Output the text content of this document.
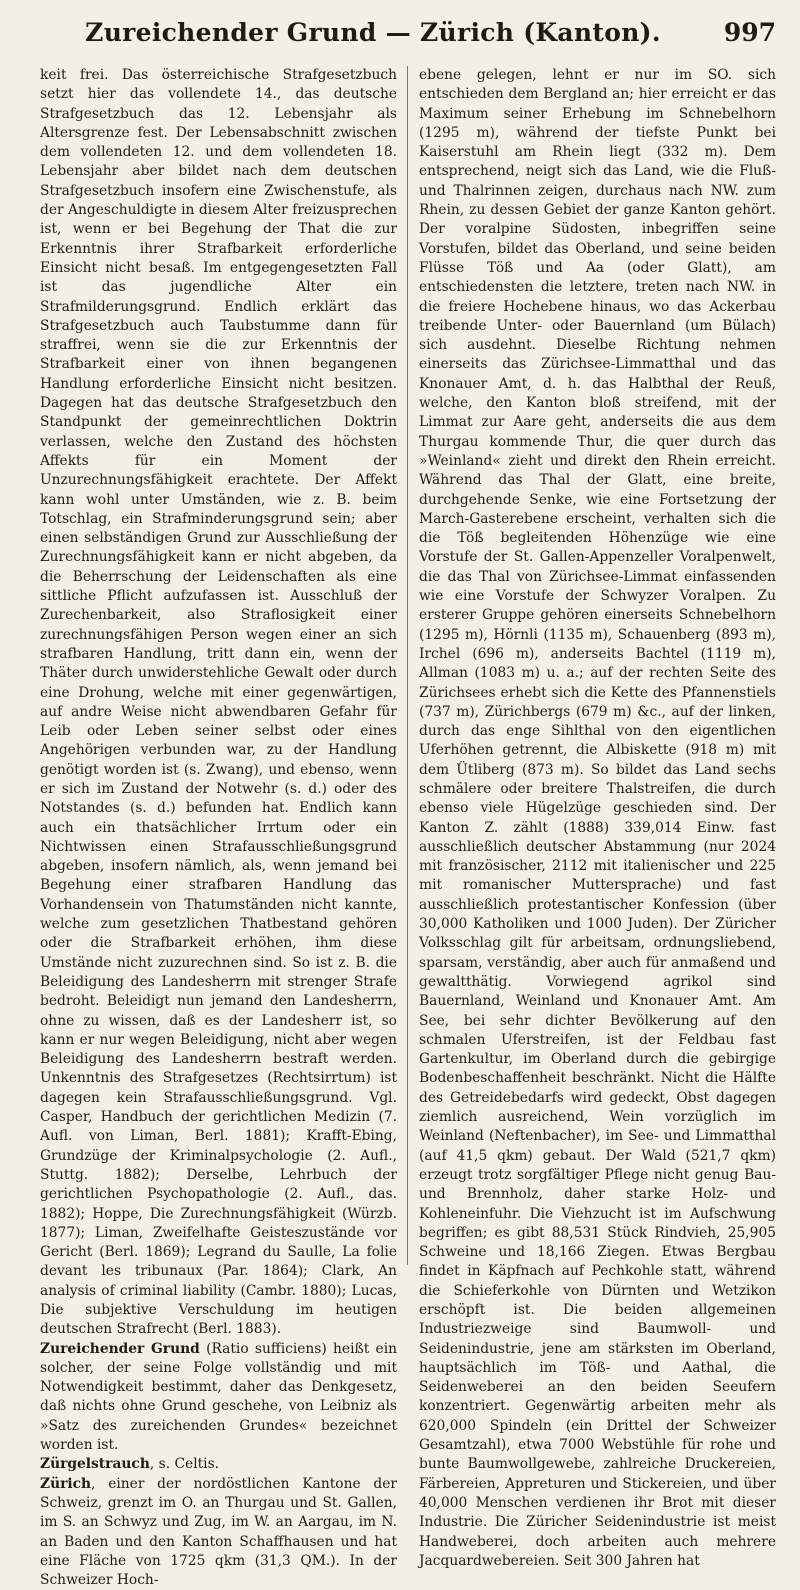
Zureichender Grund — Zürich (Kanton).	997

keit frei. Das österreichische Strafgesetzbuch setzt hier das vollendete 14., das deutsche Strafgesetzbuch das 12. Lebensjahr als Altersgrenze fest. Der Lebensabschnitt zwischen dem vollendeten 12. und dem vollendeten 18. Lebensjahr aber bildet nach dem deutschen Strafgesetzbuch insofern eine Zwischenstufe, als der Angeschuldigte in diesem Alter freizusprechen ist, wenn er bei Begehung der That die zur Erkenntnis ihrer Strafbarkeit erforderliche Einsicht nicht besaß. Im entgegengesetzten Fall ist das jugendliche Alter ein Strafmilderungsgrund. Endlich erklärt das Strafgesetzbuch auch Taubstumme dann für straffrei, wenn sie die zur Erkenntnis der Strafbarkeit einer von ihnen begangenen Handlung erforderliche Einsicht nicht besitzen. Dagegen hat das deutsche Strafgesetzbuch den Standpunkt der gemeinrechtlichen Doktrin verlassen, welche den Zustand des höchsten Affekts für ein Moment der Unzurechnungsfähigkeit erachtete. Der Affekt kann wohl unter Umständen, wie z. B. beim Totschlag, ein Strafminderungsgrund sein; aber einen selbständigen Grund zur Ausschließung der Zurechnungsfähigkeit kann er nicht abgeben, da die Beherrschung der Leidenschaften als eine sittliche Pflicht aufzufassen ist. Ausschluß der Zurechenbarkeit, also Straflosigkeit einer zurechnungsfähigen Person wegen einer an sich strafbaren Handlung, tritt dann ein, wenn der Thäter durch unwiderstehliche Gewalt oder durch eine Drohung, welche mit einer gegenwärtigen, auf andre Weise nicht abwendbaren Gefahr für Leib oder Leben seiner selbst oder eines Angehörigen verbunden war, zu der Handlung genötigt worden ist (s. Zwang), und ebenso, wenn er sich im Zustand der Notwehr (s. d.) oder des Notstandes (s. d.) befunden hat. Endlich kann auch ein thatsächlicher Irrtum oder ein Nichtwissen einen Strafausschließungsgrund abgeben, insofern nämlich, als, wenn jemand bei Begehung einer strafbaren Handlung das Vorhandensein von Thatumständen nicht kannte, welche zum gesetzlichen Thatbestand gehören oder die Strafbarkeit erhöhen, ihm diese Umstände nicht zuzurechnen sind. So ist z. B. die Beleidigung des Landesherrn mit strenger Strafe bedroht. Beleidigt nun jemand den Landesherrn, ohne zu wissen, daß es der Landesherr ist, so kann er nur wegen Beleidigung, nicht aber wegen Beleidigung des Landesherrn bestraft werden. Unkenntnis des Strafgesetzes (Rechtsirrtum) ist dagegen kein Strafausschließungsgrund. Vgl. Casper, Handbuch der gerichtlichen Medizin (7. Aufl. von Liman, Berl. 1881); Krafft-Ebing, Grundzüge der Kriminalpsychologie (2. Aufl., Stuttg. 1882); Derselbe, Lehrbuch der gerichtlichen Psychopathologie (2. Aufl., das. 1882); Hoppe, Die Zurechnungsfähigkeit (Würzb. 1877); Liman, Zweifelhafte Geisteszustände vor Gericht (Berl. 1869); Legrand du Saulle, La folie devant les tribunaux (Par. 1864); Clark, An analysis of criminal liability (Cambr. 1880); Lucas, Die subjektive Verschuldung im heutigen deutschen Strafrecht (Berl. 1883).

Zureichender Grund (Ratio sufficiens) heißt ein solcher, der seine Folge vollständig und mit Notwendigkeit bestimmt, daher das Denkgesetz, daß nichts ohne Grund geschehe, von Leibniz als »Satz des zureichenden Grundes« bezeichnet worden ist.

Zürgelstrauch, s. Celtis.

Zürich, einer der nordöstlichen Kantone der Schweiz, grenzt im O. an Thurgau und St. Gallen, im S. an Schwyz und Zug, im W. an Aargau, im N. an Baden und den Kanton Schaffhausen und hat eine Fläche von 1725 qkm (31,3 QM.). In der Schweizer Hoch-

ebene gelegen, lehnt er nur im SO. sich entschieden dem Bergland an; hier erreicht er das Maximum seiner Erhebung im Schnebelhorn (1295 m), während der tiefste Punkt bei Kaiserstuhl am Rhein liegt (332 m). Dem entsprechend, neigt sich das Land, wie die Fluß- und Thalrinnen zeigen, durchaus nach NW. zum Rhein, zu dessen Gebiet der ganze Kanton gehört. Der voralpine Südosten, inbegriffen seine Vorstufen, bildet das Oberland, und seine beiden Flüsse Töß und Aa (oder Glatt), am entschiedensten die letztere, treten nach NW. in die freiere Hochebene hinaus, wo das Ackerbau treibende Unter- oder Bauernland (um Bülach) sich ausdehnt. Dieselbe Richtung nehmen einerseits das Zürichsee-Limmatthal und das Knonauer Amt, d. h. das Halbthal der Reuß, welche, den Kanton bloß streifend, mit der Limmat zur Aare geht, anderseits die aus dem Thurgau kommende Thur, die quer durch das »Weinland« zieht und direkt den Rhein erreicht. Während das Thal der Glatt, eine breite, durchgehende Senke, wie eine Fortsetzung der March-Gasterebene erscheint, verhalten sich die die Töß begleitenden Höhenzüge wie eine Vorstufe der St. Gallen-Appenzeller Voralpenwelt, die das Thal von Zürichsee-Limmat einfassenden wie eine Vorstufe der Schwyzer Voralpen. Zu ersterer Gruppe gehören einerseits Schnebelhorn (1295 m), Hörnli (1135 m), Schauenberg (893 m), Irchel (696 m), anderseits Bachtel (1119 m), Allman (1083 m) u. a.; auf der rechten Seite des Zürichsees erhebt sich die Kette des Pfannenstiels (737 m), Zürichbergs (679 m) &c., auf der linken, durch das enge Sihlthal von den eigentlichen Uferhöhen getrennt, die Albiskette (918 m) mit dem Ütliberg (873 m). So bildet das Land sechs schmälere oder breitere Thalstreifen, die durch ebenso viele Hügelzüge geschieden sind. Der Kanton Z. zählt (1888) 339,014 Einw. fast ausschließlich deutscher Abstammung (nur 2024 mit französischer, 2112 mit italienischer und 225 mit romanischer Muttersprache) und fast ausschließlich protestantischer Konfession (über 30,000 Katholiken und 1000 Juden). Der Züricher Volksschlag gilt für arbeitsam, ordnungsliebend, sparsam, verständig, aber auch für anmaßend und gewaltthätig. Vorwiegend agrikol sind Bauernland, Weinland und Knonauer Amt. Am See, bei sehr dichter Bevölkerung auf den schmalen Uferstreifen, ist der Feldbau fast Gartenkultur, im Oberland durch die gebirgige Bodenbeschaffenheit beschränkt. Nicht die Hälfte des Getreidebedarfs wird gedeckt, Obst dagegen ziemlich ausreichend, Wein vorzüglich im Weinland (Neftenbacher), im See- und Limmatthal (auf 41,5 qkm) gebaut. Der Wald (521,7 qkm) erzeugt trotz sorgfältiger Pflege nicht genug Bau- und Brennholz, daher starke Holz- und Kohleneinfuhr. Die Viehzucht ist im Aufschwung begriffen; es gibt 88,531 Stück Rindvieh, 25,905 Schweine und 18,166 Ziegen. Etwas Bergbau findet in Käpfnach auf Pechkohle statt, während die Schieferkohle von Dürnten und Wetzikon erschöpft ist. Die beiden allgemeinen Industriezweige sind Baumwoll- und Seidenindustrie, jene am stärksten im Oberland, hauptsächlich im Töß- und Aathal, die Seidenweberei an den beiden Seeufern konzentriert. Gegenwärtig arbeiten mehr als 620,000 Spindeln (ein Drittel der Schweizer Gesamtzahl), etwa 7000 Webstühle für rohe und bunte Baumwollgewebe, zahlreiche Druckereien, Färbereien, Appreturen und Stickereien, und über 40,000 Menschen verdienen ihr Brot mit dieser Industrie. Die Züricher Seidenindustrie ist meist Handweberei, doch arbeiten auch mehrere Jacquardwebereien. Seit 300 Jahren hat
